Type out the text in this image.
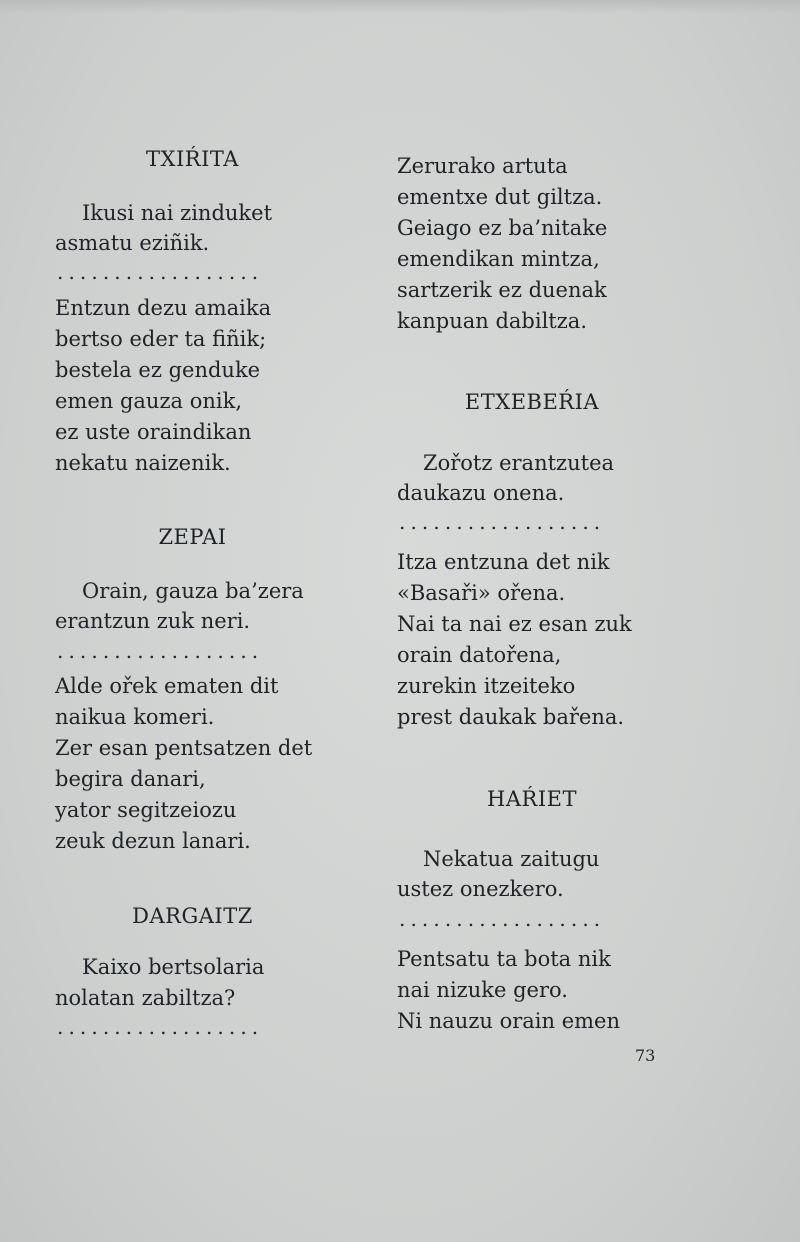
TXIŔITA
Ikusi nai zinduket
asmatu eziñik.
..................
Entzun dezu amaika
bertso eder ta fiñik;
bestela ez genduke
emen gauza onik,
ez uste oraindikan
nekatu naizenik.
ZEPAI
Orain, gauza ba’zera
erantzun zuk neri.
..................
Alde ořek ematen dit
naikua komeri.
Zer esan pentsatzen det
begira danari,
yator segitzeiozu
zeuk dezun lanari.
DARGAITZ
Kaixo bertsolaria
nolatan zabiltza?
..................
Zerurako artuta
ementxe dut giltza.
Geiago ez ba’nitake
emendikan mintza,
sartzerik ez duenak
kanpuan dabiltza.
ETXEBEŔIA
Zořotz erantzutea
daukazu onena.
..................
Itza entzuna det nik
«Basaři» ořena.
Nai ta nai ez esan zuk
orain datořena,
zurekin itzeiteko
prest daukak bařena.
HAŔIET
Nekatua zaitugu
ustez onezkero.
..................
Pentsatu ta bota nik
nai nizuke gero.
Ni nauzu orain emen
73
